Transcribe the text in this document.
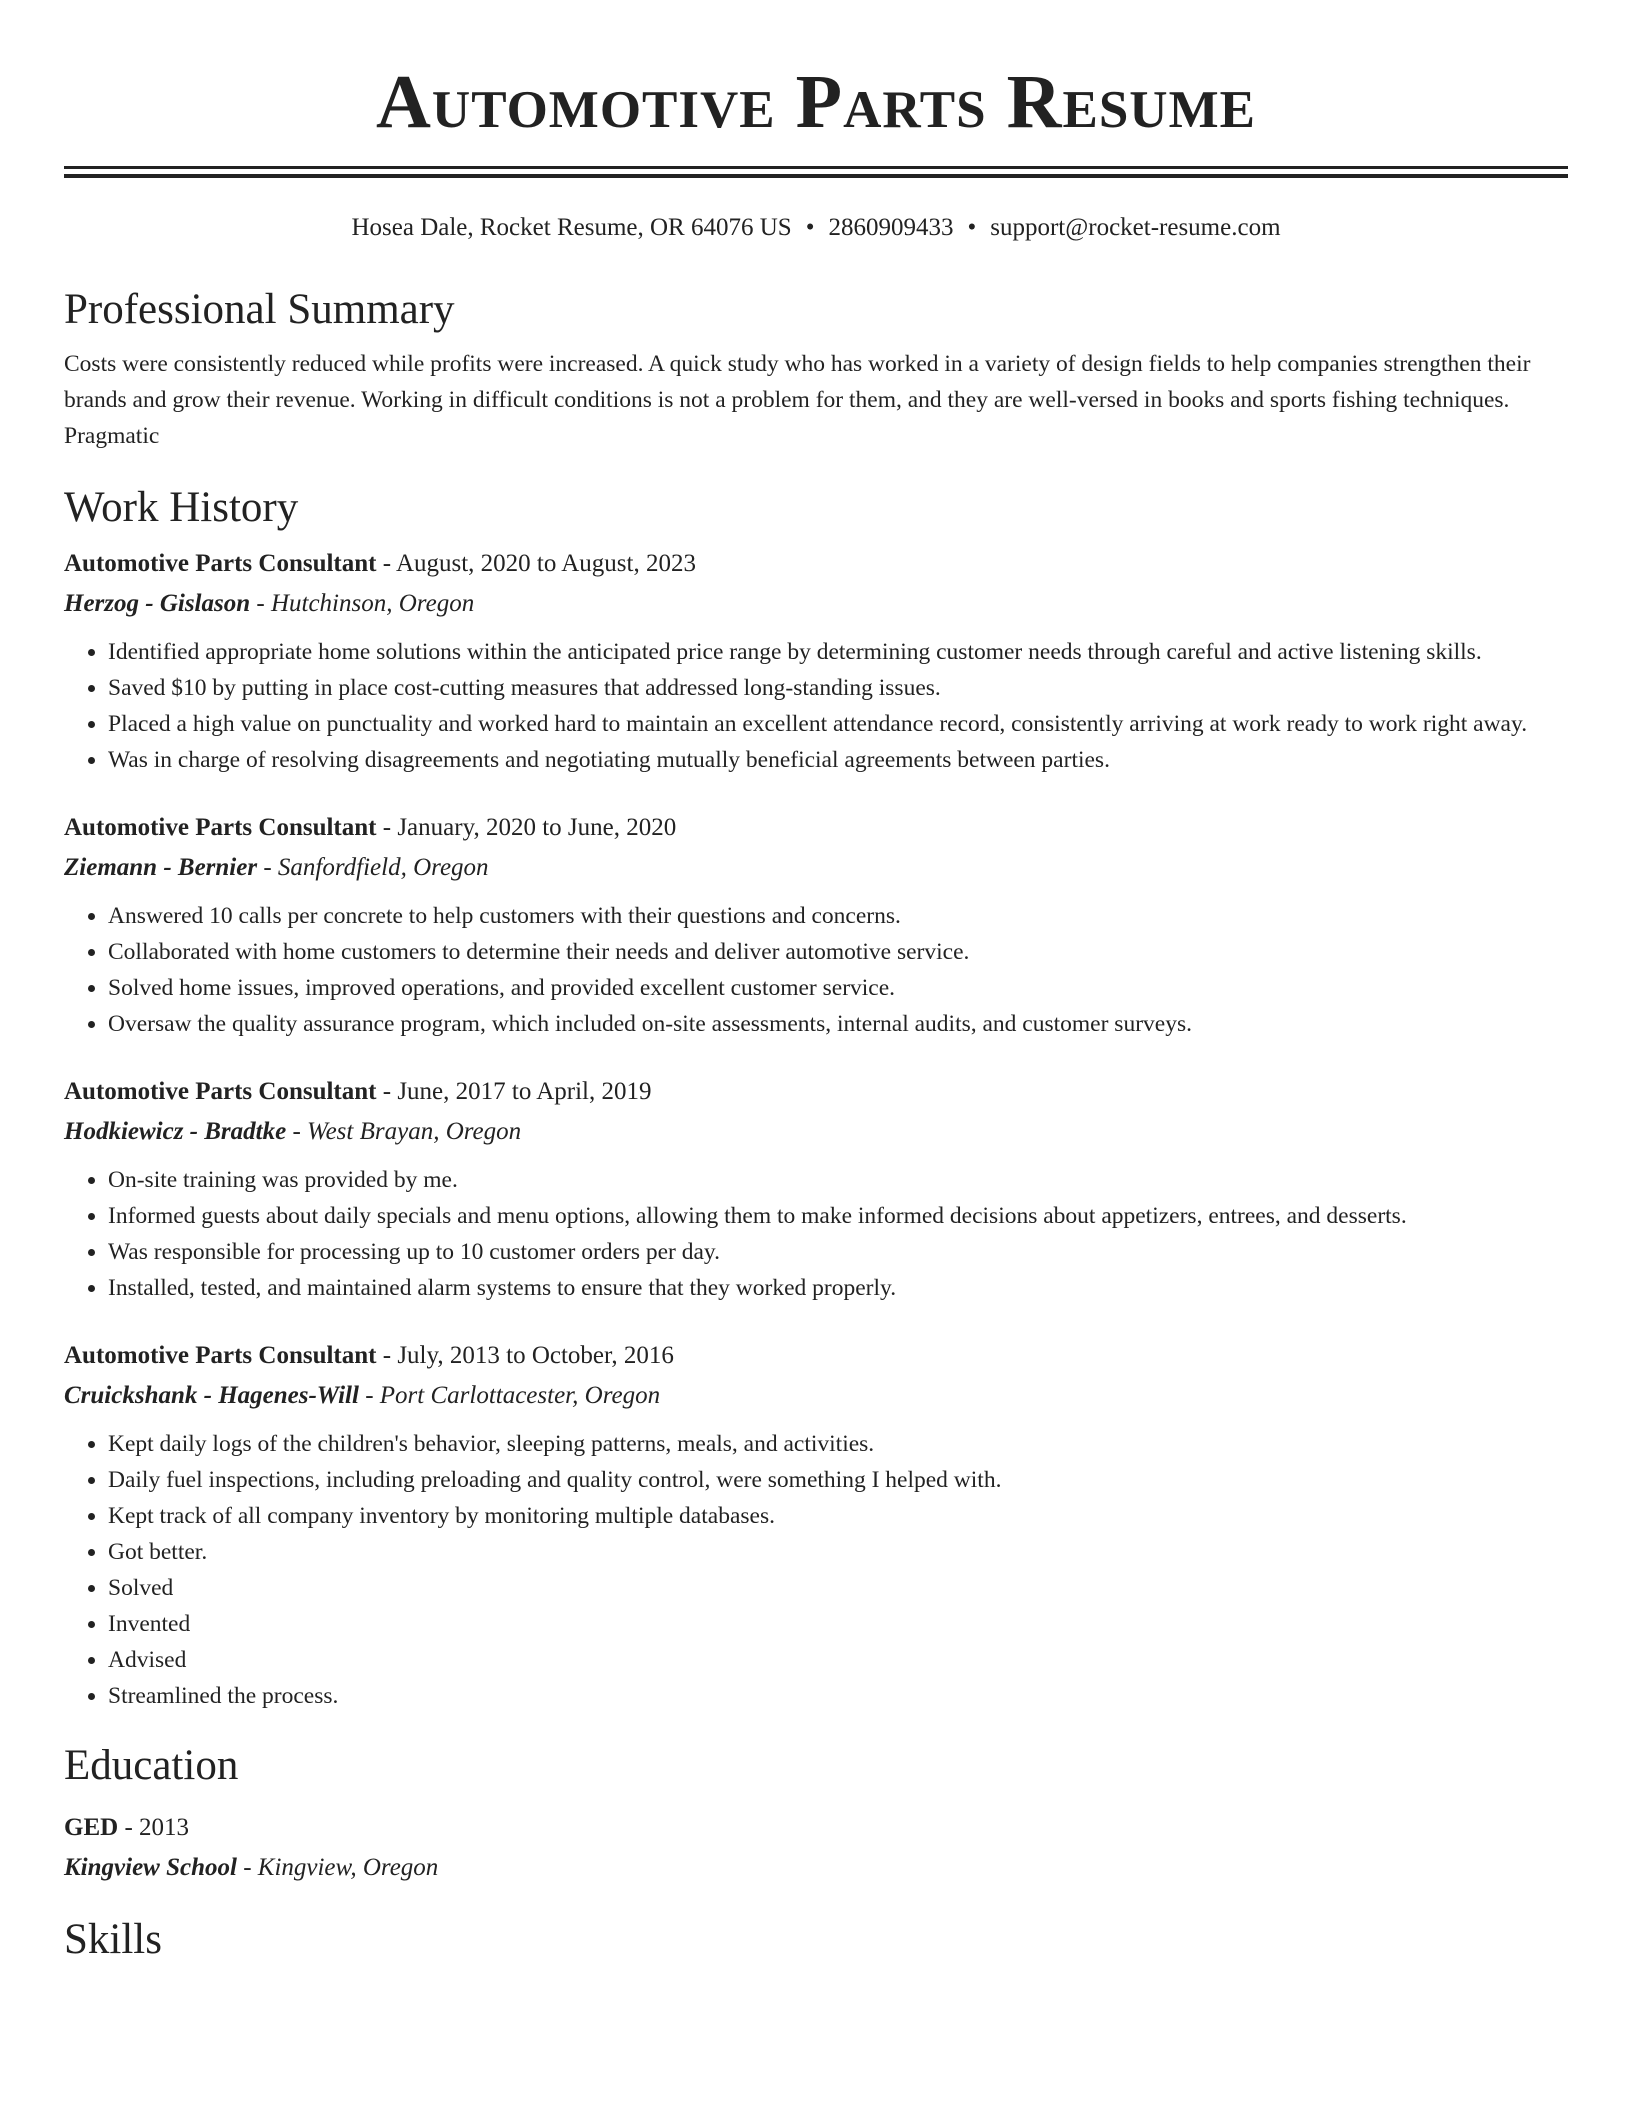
Automotive Parts Resume
Hosea Dale, Rocket Resume, OR 64076 US • 2860909433 • support@rocket-resume.com
Professional Summary
Costs were consistently reduced while profits were increased. A quick study who has worked in a variety of design fields to help companies strengthen their brands and grow their revenue. Working in difficult conditions is not a problem for them, and they are well-versed in books and sports fishing techniques. Pragmatic
Work History
Automotive Parts Consultant - August, 2020 to August, 2023
Herzog - Gislason - Hutchinson, Oregon
• Identified appropriate home solutions within the anticipated price range by determining customer needs through careful and active listening skills.
• Saved $10 by putting in place cost-cutting measures that addressed long-standing issues.
• Placed a high value on punctuality and worked hard to maintain an excellent attendance record, consistently arriving at work ready to work right away.
• Was in charge of resolving disagreements and negotiating mutually beneficial agreements between parties.
Automotive Parts Consultant - January, 2020 to June, 2020
Ziemann - Bernier - Sanfordfield, Oregon
• Answered 10 calls per concrete to help customers with their questions and concerns.
• Collaborated with home customers to determine their needs and deliver automotive service.
• Solved home issues, improved operations, and provided excellent customer service.
• Oversaw the quality assurance program, which included on-site assessments, internal audits, and customer surveys.
Automotive Parts Consultant - June, 2017 to April, 2019
Hodkiewicz - Bradtke - West Brayan, Oregon
• On-site training was provided by me.
• Informed guests about daily specials and menu options, allowing them to make informed decisions about appetizers, entrees, and desserts.
• Was responsible for processing up to 10 customer orders per day.
• Installed, tested, and maintained alarm systems to ensure that they worked properly.
Automotive Parts Consultant - July, 2013 to October, 2016
Cruickshank - Hagenes-Will - Port Carlottacester, Oregon
• Kept daily logs of the children's behavior, sleeping patterns, meals, and activities.
• Daily fuel inspections, including preloading and quality control, were something I helped with.
• Kept track of all company inventory by monitoring multiple databases.
• Got better.
• Solved
• Invented
• Advised
• Streamlined the process.
Education
GED - 2013
Kingview School - Kingview, Oregon
Skills
